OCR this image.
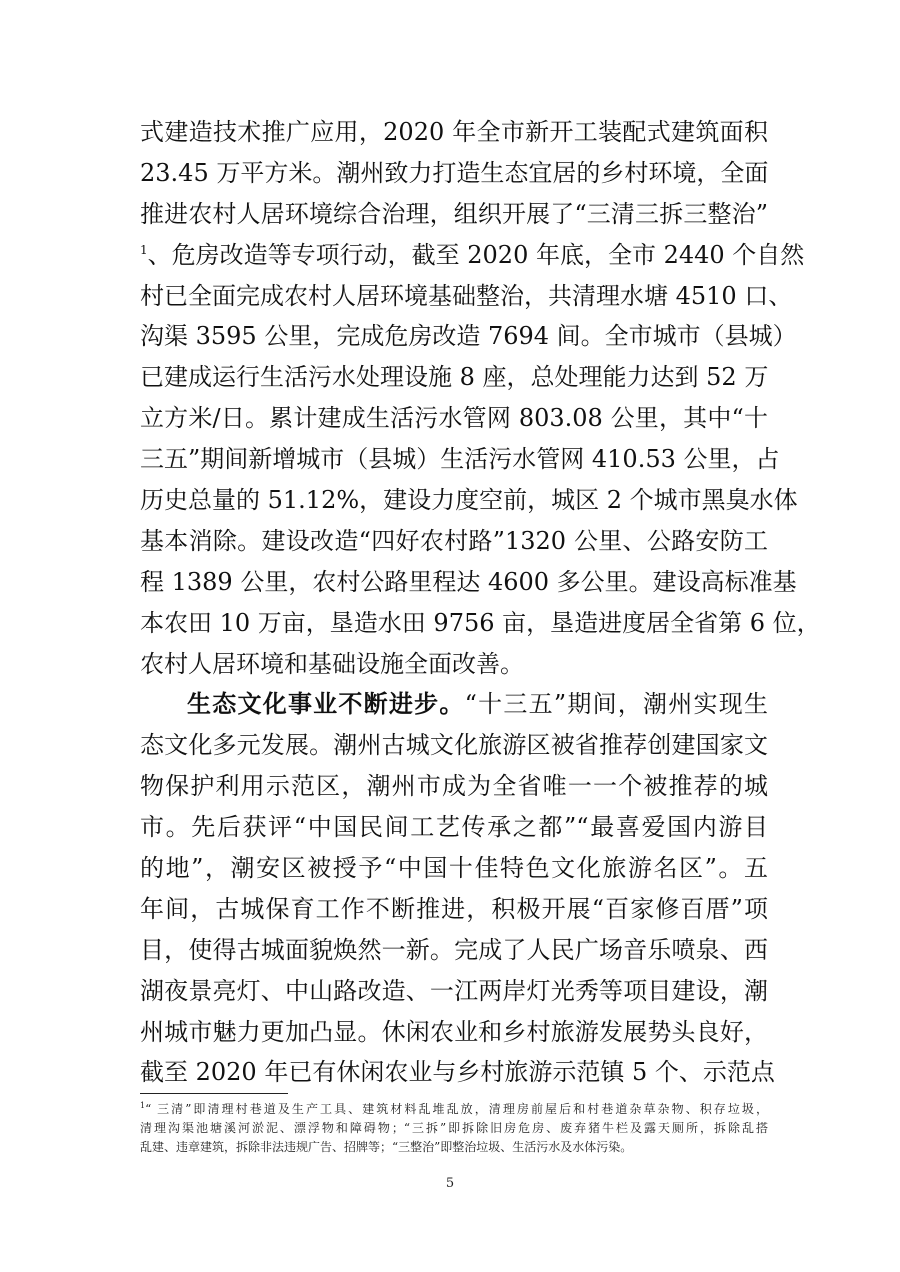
式建造技术推广应用，2020 年全市新开工装配式建筑面积
23.45 万平方米。潮州致力打造生态宜居的乡村环境，全面
推进农村人居环境综合治理，组织开展了“三清三拆三整治”
$^1$、危房改造等专项行动，截至 2020 年底，全市 2440 个自然
村已全面完成农村人居环境基础整治，共清理水塘 4510 口、
沟渠 3595 公里，完成危房改造 7694 间。全市城市（县城）
已建成运行生活污水处理设施 8 座，总处理能力达到 52 万
立方米/日。累计建成生活污水管网 803.08 公里，其中“十
三五”期间新增城市（县城）生活污水管网 410.53 公里，占
历史总量的 51.12%，建设力度空前，城区 2 个城市黑臭水体
基本消除。建设改造“四好农村路”1320 公里、公路安防工
程 1389 公里，农村公路里程达 4600 多公里。建设高标准基
本农田 10 万亩，垦造水田 9756 亩，垦造进度居全省第 6 位，
农村人居环境和基础设施全面改善。
生态文化事业不断进步。“十三五”期间，潮州实现生
态文化多元发展。潮州古城文化旅游区被省推荐创建国家文
物保护利用示范区，潮州市成为全省唯一一个被推荐的城
市。先后获评“中国民间工艺传承之都”“最喜爱国内游目
的地”，潮安区被授予“中国十佳特色文化旅游名区”。五
年间，古城保育工作不断推进，积极开展“百家修百厝”项
目，使得古城面貌焕然一新。完成了人民广场音乐喷泉、西
湖夜景亮灯、中山路改造、一江两岸灯光秀等项目建设，潮
州城市魅力更加凸显。休闲农业和乡村旅游发展势头良好，
截至 2020 年已有休闲农业与乡村旅游示范镇 5 个、示范点
$^1$“ 三清”即清理村巷道及生产工具、建筑材料乱堆乱放，清理房前屋后和村巷道杂草杂物、积存垃圾，
清理沟渠池塘溪河淤泥、漂浮物和障碍物；“三拆”即拆除旧房危房、废弃猪牛栏及露天厕所，拆除乱搭
乱建、违章建筑，拆除非法违规广告、招牌等；“三整治”即整治垃圾、生活污水及水体污染。
5
